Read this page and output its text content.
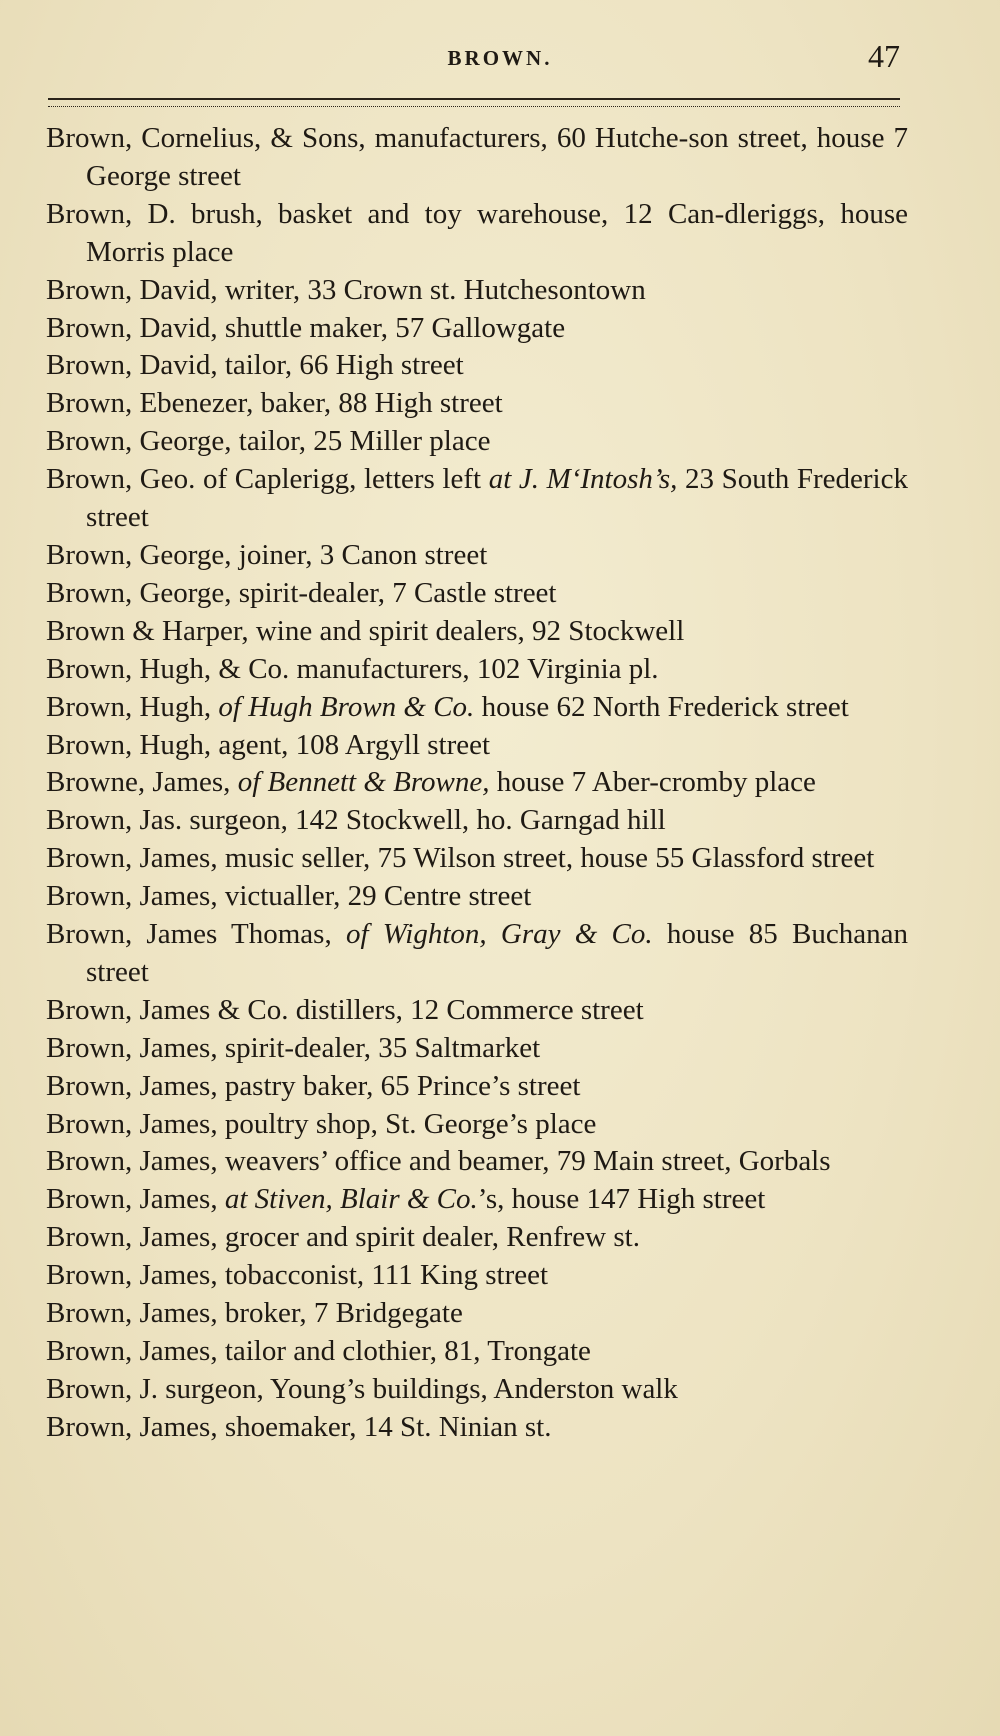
BROWN.	47
Brown, Cornelius, & Sons, manufacturers, 60 Hutche-son street, house 7 George street
Brown, D. brush, basket and toy warehouse, 12 Can-dleriggs, house Morris place
Brown, David, writer, 33 Crown st. Hutchesontown
Brown, David, shuttle maker, 57 Gallowgate
Brown, David, tailor, 66 High street
Brown, Ebenezer, baker, 88 High street
Brown, George, tailor, 25 Miller place
Brown, Geo. of Caplerigg, letters left at J. M‘Intosh’s, 23 South Frederick street
Brown, George, joiner, 3 Canon street
Brown, George, spirit-dealer, 7 Castle street
Brown & Harper, wine and spirit dealers, 92 Stockwell
Brown, Hugh, & Co. manufacturers, 102 Virginia pl.
Brown, Hugh, of Hugh Brown & Co. house 62 North Frederick street
Brown, Hugh, agent, 108 Argyll street
Browne, James, of Bennett & Browne, house 7 Aber-cromby place
Brown, Jas. surgeon, 142 Stockwell, ho. Garngad hill
Brown, James, music seller, 75 Wilson street, house 55 Glassford street
Brown, James, victualler, 29 Centre street
Brown, James Thomas, of Wighton, Gray & Co. house 85 Buchanan street
Brown, James & Co. distillers, 12 Commerce street
Brown, James, spirit-dealer, 35 Saltmarket
Brown, James, pastry baker, 65 Prince’s street
Brown, James, poultry shop, St. George’s place
Brown, James, weavers’ office and beamer, 79 Main street, Gorbals
Brown, James, at Stiven, Blair & Co.’s, house 147 High street
Brown, James, grocer and spirit dealer, Renfrew st.
Brown, James, tobacconist, 111 King street
Brown, James, broker, 7 Bridgegate
Brown, James, tailor and clothier, 81, Trongate
Brown, J. surgeon, Young’s buildings, Anderston walk
Brown, James, shoemaker, 14 St. Ninian st.
